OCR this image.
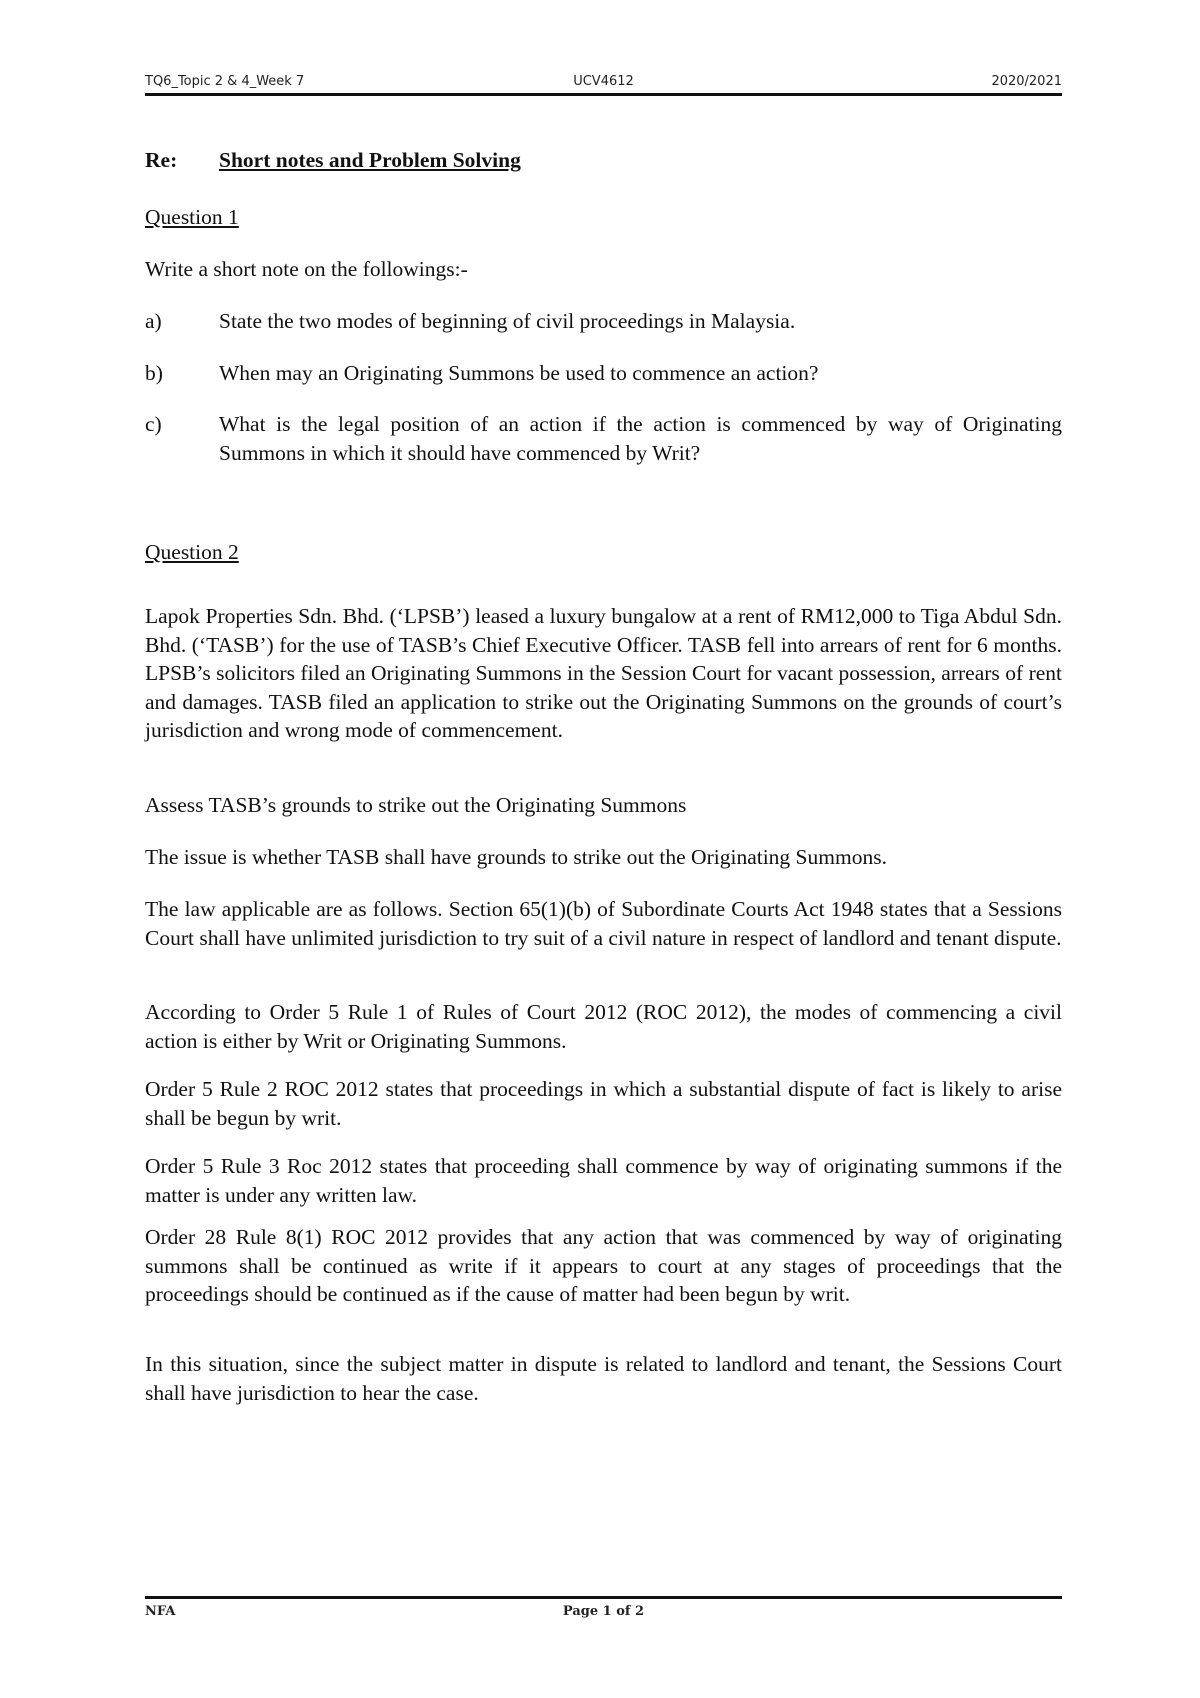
TQ6_Topic 2 & 4_Week 7	UCV4612	2020/2021
Re: Short notes and Problem Solving
Question 1
Write a short note on the followings:-
a)	State the two modes of beginning of civil proceedings in Malaysia.
b)	When may an Originating Summons be used to commence an action?
c)	What is the legal position of an action if the action is commenced by way of Originating Summons in which it should have commenced by Writ?
Question 2
Lapok Properties Sdn. Bhd. (‘LPSB’) leased a luxury bungalow at a rent of RM12,000 to Tiga Abdul Sdn. Bhd. (‘TASB’) for the use of TASB’s Chief Executive Officer. TASB fell into arrears of rent for 6 months. LPSB’s solicitors filed an Originating Summons in the Session Court for vacant possession, arrears of rent and damages. TASB filed an application to strike out the Originating Summons on the grounds of court’s jurisdiction and wrong mode of commencement.
Assess TASB’s grounds to strike out the Originating Summons
The issue is whether TASB shall have grounds to strike out the Originating Summons.
The law applicable are as follows. Section 65(1)(b) of Subordinate Courts Act 1948 states that a Sessions Court shall have unlimited jurisdiction to try suit of a civil nature in respect of landlord and tenant dispute.
According to Order 5 Rule 1 of Rules of Court 2012 (ROC 2012), the modes of commencing a civil action is either by Writ or Originating Summons.
Order 5 Rule 2 ROC 2012 states that proceedings in which a substantial dispute of fact is likely to arise shall be begun by writ.
Order 5 Rule 3 Roc 2012 states that proceeding shall commence by way of originating summons if the matter is under any written law.
Order 28 Rule 8(1) ROC 2012 provides that any action that was commenced by way of originating summons shall be continued as write if it appears to court at any stages of proceedings that the proceedings should be continued as if the cause of matter had been begun by writ.
In this situation, since the subject matter in dispute is related to landlord and tenant, the Sessions Court shall have jurisdiction to hear the case.
NFA	Page 1 of 2
